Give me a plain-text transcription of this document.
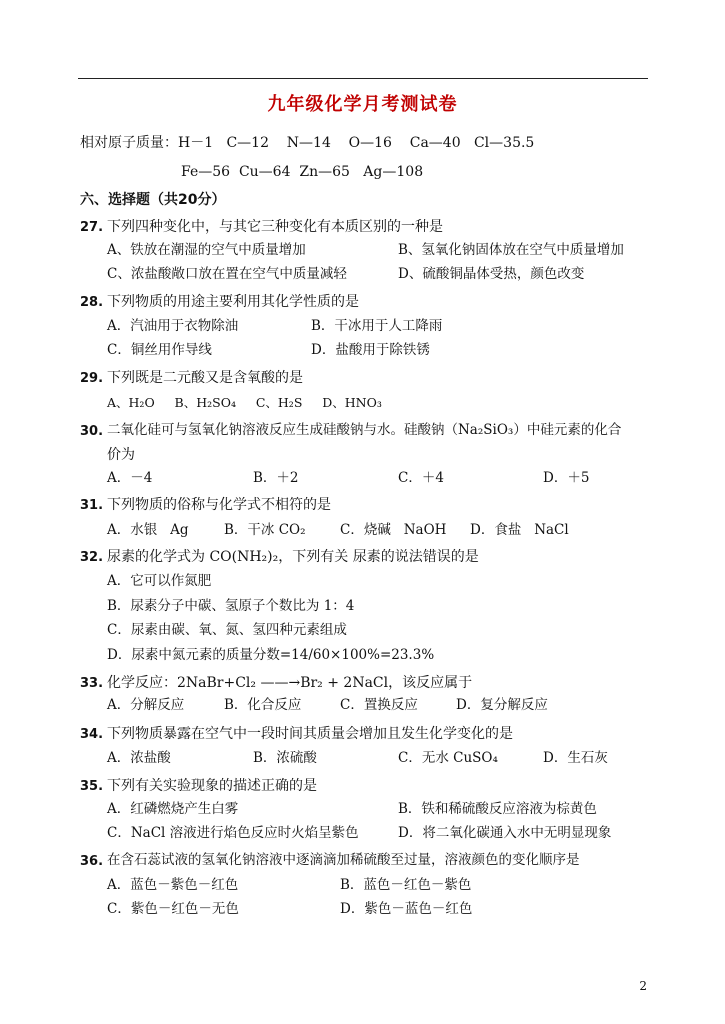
九年级化学月考测试卷
相对原子质量：H－1   C—12    N—14    O—16    Ca—40   Cl—35.5
Fe—56  Cu—64  Zn—65   Ag—108
六、选择题（共20分）
27. 下列四种变化中，与其它三种变化有本质区别的一种是
A、铁放在潮湿的空气中质量增加	B、氢氧化钠固体放在空气中质量增加
C、浓盐酸敞口放在置在空气中质量减轻	D、硫酸铜晶体受热，颜色改变
28. 下列物质的用途主要利用其化学性质的是
A．汽油用于衣物除油	B．干冰用于人工降雨
C．铜丝用作导线	D．盐酸用于除铁锈
29. 下列既是二元酸又是含氧酸的是
A、H₂O     B、H₂SO₄     C、H₂S     D、HNO₃
30. 二氧化硅可与氢氧化钠溶液反应生成硅酸钠与水。硅酸钠（Na₂SiO₃）中硅元素的化合
价为
A．－4	B．＋2	C．＋4	D．＋5
31. 下列物质的俗称与化学式不相符的是
A．水银   Ag	B．干冰 CO₂	C．烧碱   NaOH D．食盐   NaCl
32. 尿素的化学式为 CO(NH₂)₂，下列有关 尿素的说法错误的是
A．它可以作氮肥
B．尿素分子中碳、氢原子个数比为 1：4
C．尿素由碳、氧、氮、氢四种元素组成
D．尿素中氮元素的质量分数=14/60×100%=23.3%
33. 化学反应：2NaBr+Cl₂ ——→Br₂ + 2NaCl，该反应属于
A．分解反应	B．化合反应	C．置换反应	D．复分解反应
34. 下列物质暴露在空气中一段时间其质量会增加且发生化学变化的是
A．浓盐酸	B．浓硫酸	C．无水 CuSO₄	D．生石灰
35. 下列有关实验现象的描述正确的是
A．红磷燃烧产生白雾	B．铁和稀硫酸反应溶液为棕黄色
C．NaCl 溶液进行焰色反应时火焰呈紫色	D．将二氧化碳通入水中无明显现象
36. 在含石蕊试液的氢氧化钠溶液中逐滴滴加稀硫酸至过量，溶液颜色的变化顺序是
A．蓝色－紫色－红色	B．蓝色－红色－紫色
C．紫色－红色－无色	D．紫色－蓝色－红色
2
